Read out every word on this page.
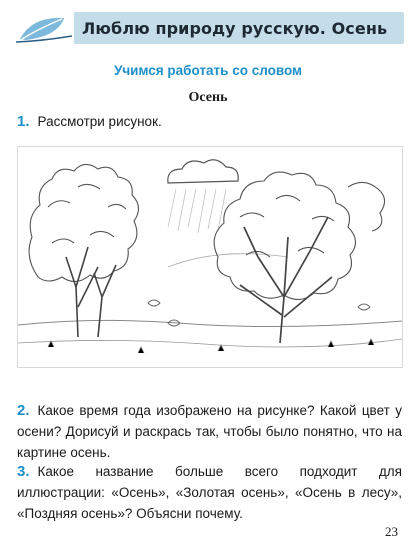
Люблю природу русскую. Осень
Учимся работать со словом
Осень
1. Рассмотри рисунок.
2. Какое время года изображено на рисунке? Какой цвет у осени? Дорисуй и раскрась так, чтобы было понятно, что на картине осень.
3. Какое название больше всего подходит для иллюстрации: «Осень», «Золотая осень», «Осень в лесу», «Поздняя осень»? Объясни почему.
23
